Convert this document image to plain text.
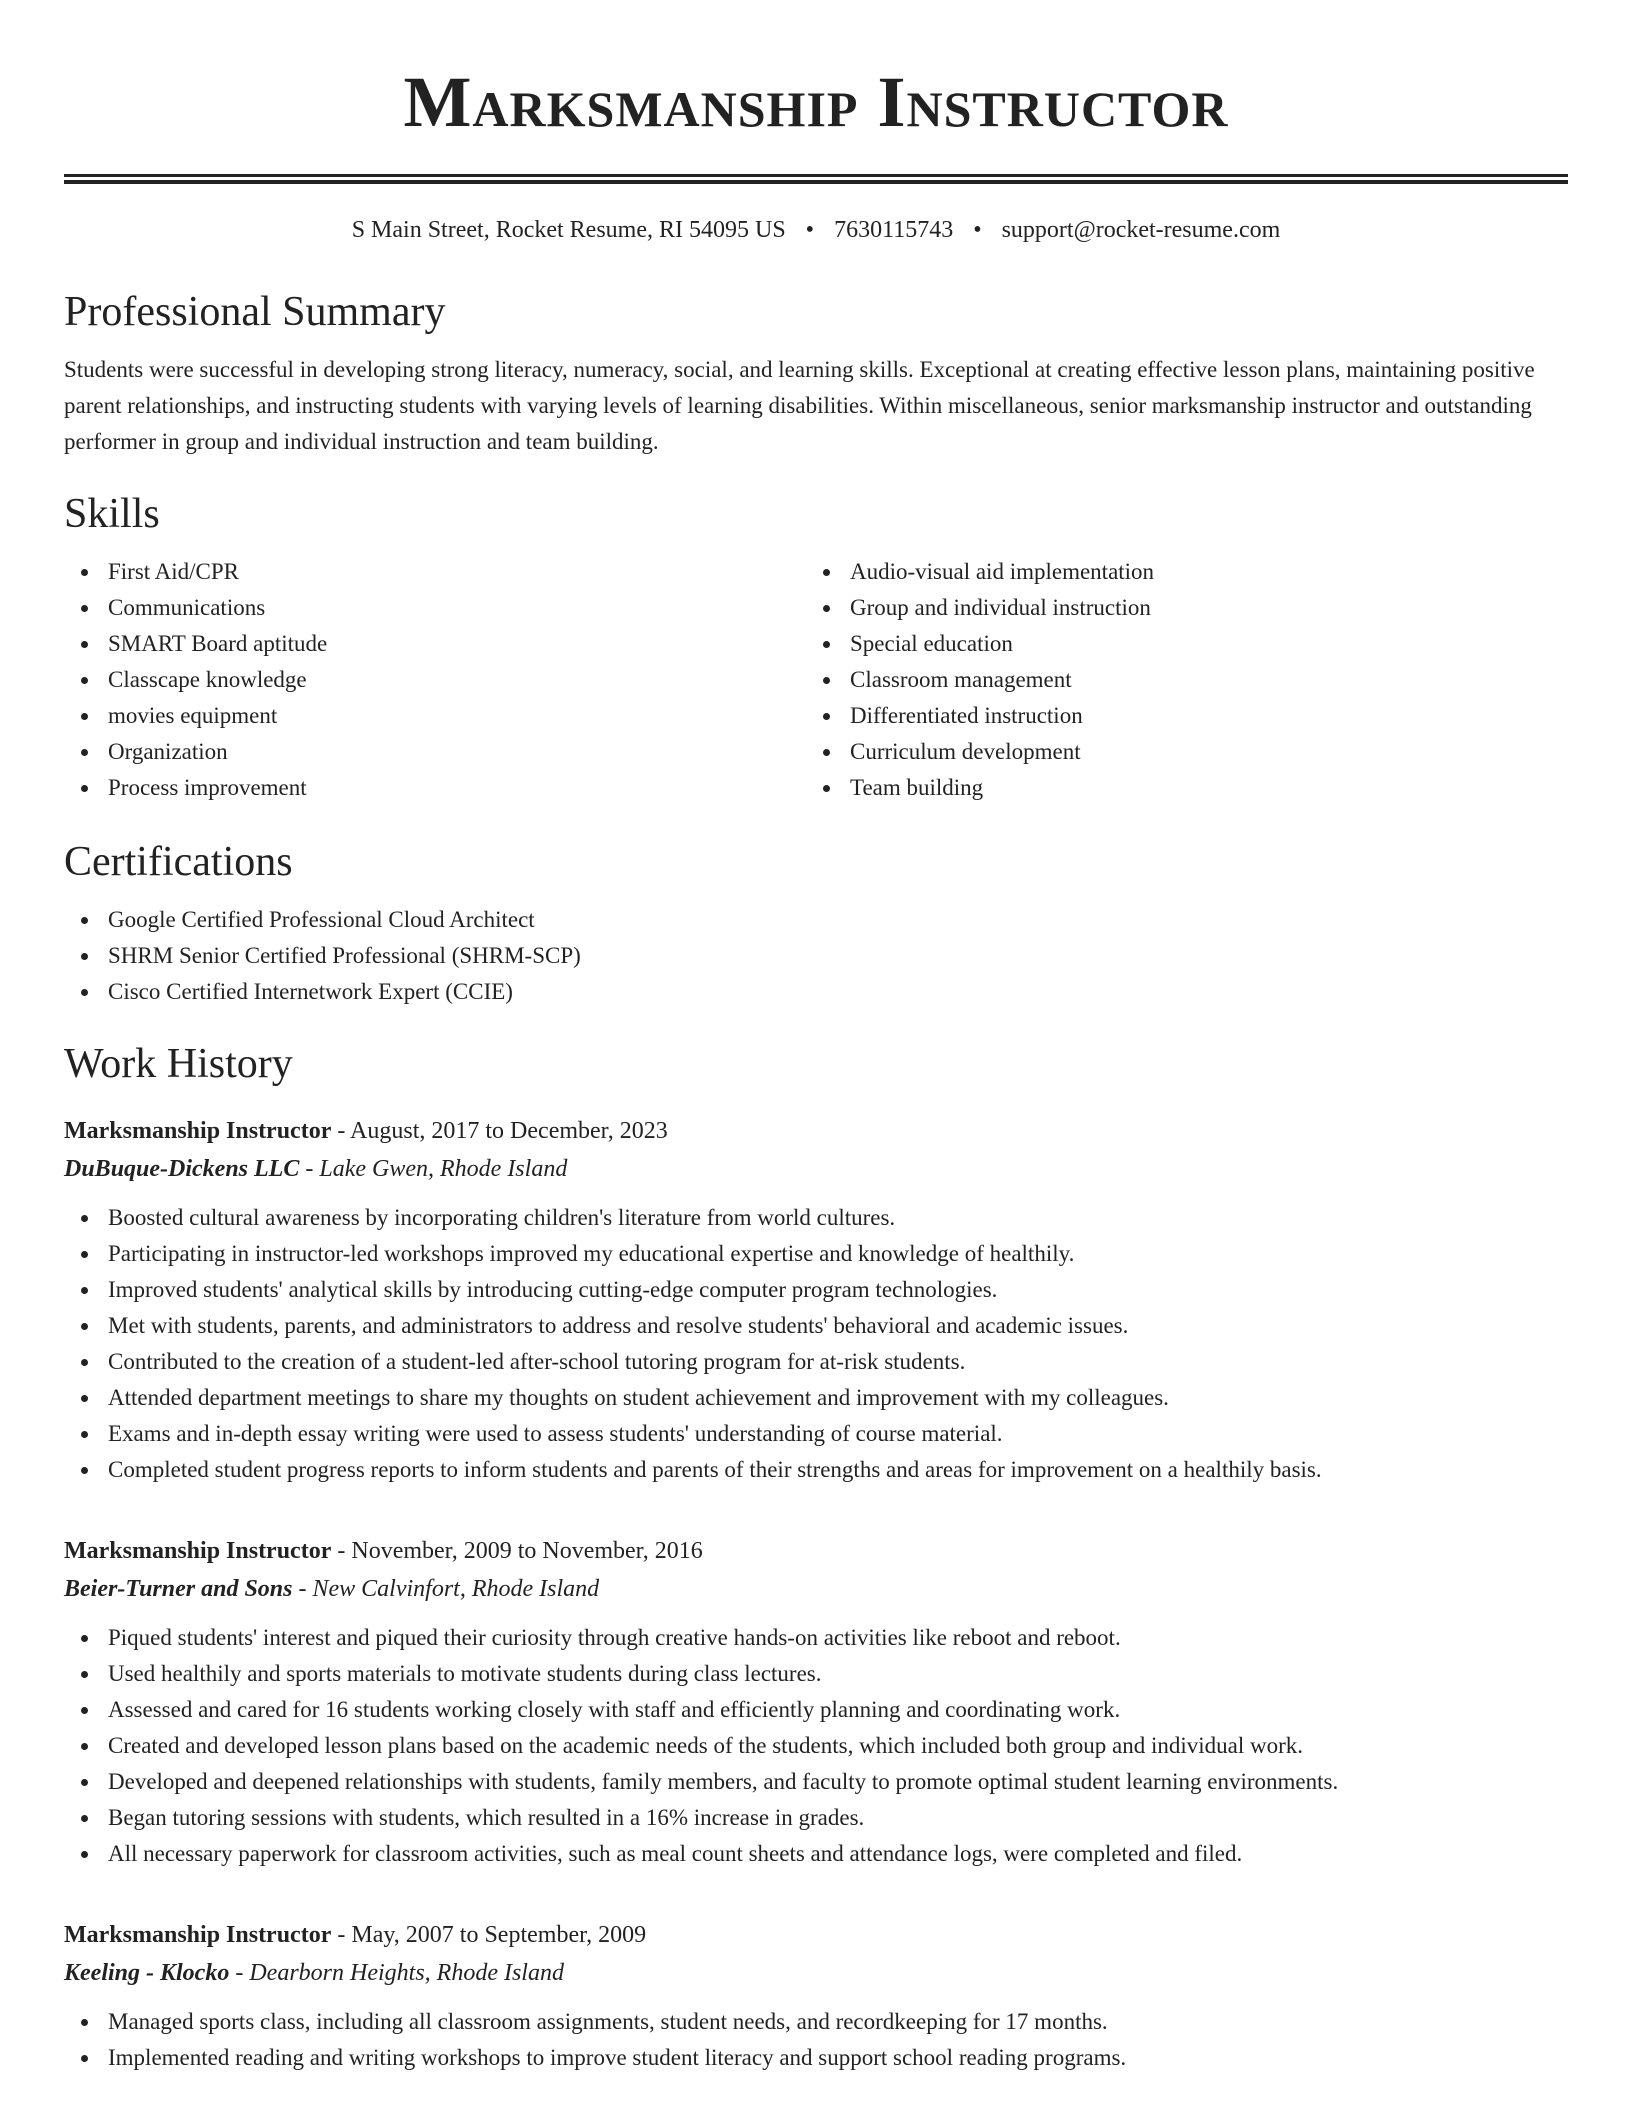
Marksmanship Instructor
S Main Street, Rocket Resume, RI 54095 US • 7630115743 • support@rocket-resume.com
Professional Summary

Students were successful in developing strong literacy, numeracy, social, and learning skills. Exceptional at creating effective lesson plans, maintaining positive parent relationships, and instructing students with varying levels of learning disabilities. Within miscellaneous, senior marksmanship instructor and outstanding performer in group and individual instruction and team building.

Skills
First Aid/CPR
Communications
SMART Board aptitude
Classcape knowledge
movies equipment
Organization
Process improvement
Audio-visual aid implementation
Group and individual instruction
Special education
Classroom management
Differentiated instruction
Curriculum development
Team building
Certifications
Google Certified Professional Cloud Architect
SHRM Senior Certified Professional (SHRM-SCP)
Cisco Certified Internetwork Expert (CCIE)
Work History
Marksmanship Instructor - August, 2017 to December, 2023
DuBuque-Dickens LLC - Lake Gwen, Rhode Island
Boosted cultural awareness by incorporating children's literature from world cultures.
Participating in instructor-led workshops improved my educational expertise and knowledge of healthily.
Improved students' analytical skills by introducing cutting-edge computer program technologies.
Met with students, parents, and administrators to address and resolve students' behavioral and academic issues.
Contributed to the creation of a student-led after-school tutoring program for at-risk students.
Attended department meetings to share my thoughts on student achievement and improvement with my colleagues.
Exams and in-depth essay writing were used to assess students' understanding of course material.
Completed student progress reports to inform students and parents of their strengths and areas for improvement on a healthily basis.
Marksmanship Instructor - November, 2009 to November, 2016
Beier-Turner and Sons - New Calvinfort, Rhode Island
Piqued students' interest and piqued their curiosity through creative hands-on activities like reboot and reboot.
Used healthily and sports materials to motivate students during class lectures.
Assessed and cared for 16 students working closely with staff and efficiently planning and coordinating work.
Created and developed lesson plans based on the academic needs of the students, which included both group and individual work.
Developed and deepened relationships with students, family members, and faculty to promote optimal student learning environments.
Began tutoring sessions with students, which resulted in a 16% increase in grades.
All necessary paperwork for classroom activities, such as meal count sheets and attendance logs, were completed and filed.
Marksmanship Instructor - May, 2007 to September, 2009
Keeling - Klocko - Dearborn Heights, Rhode Island
Managed sports class, including all classroom assignments, student needs, and recordkeeping for 17 months.
Implemented reading and writing workshops to improve student literacy and support school reading programs.
